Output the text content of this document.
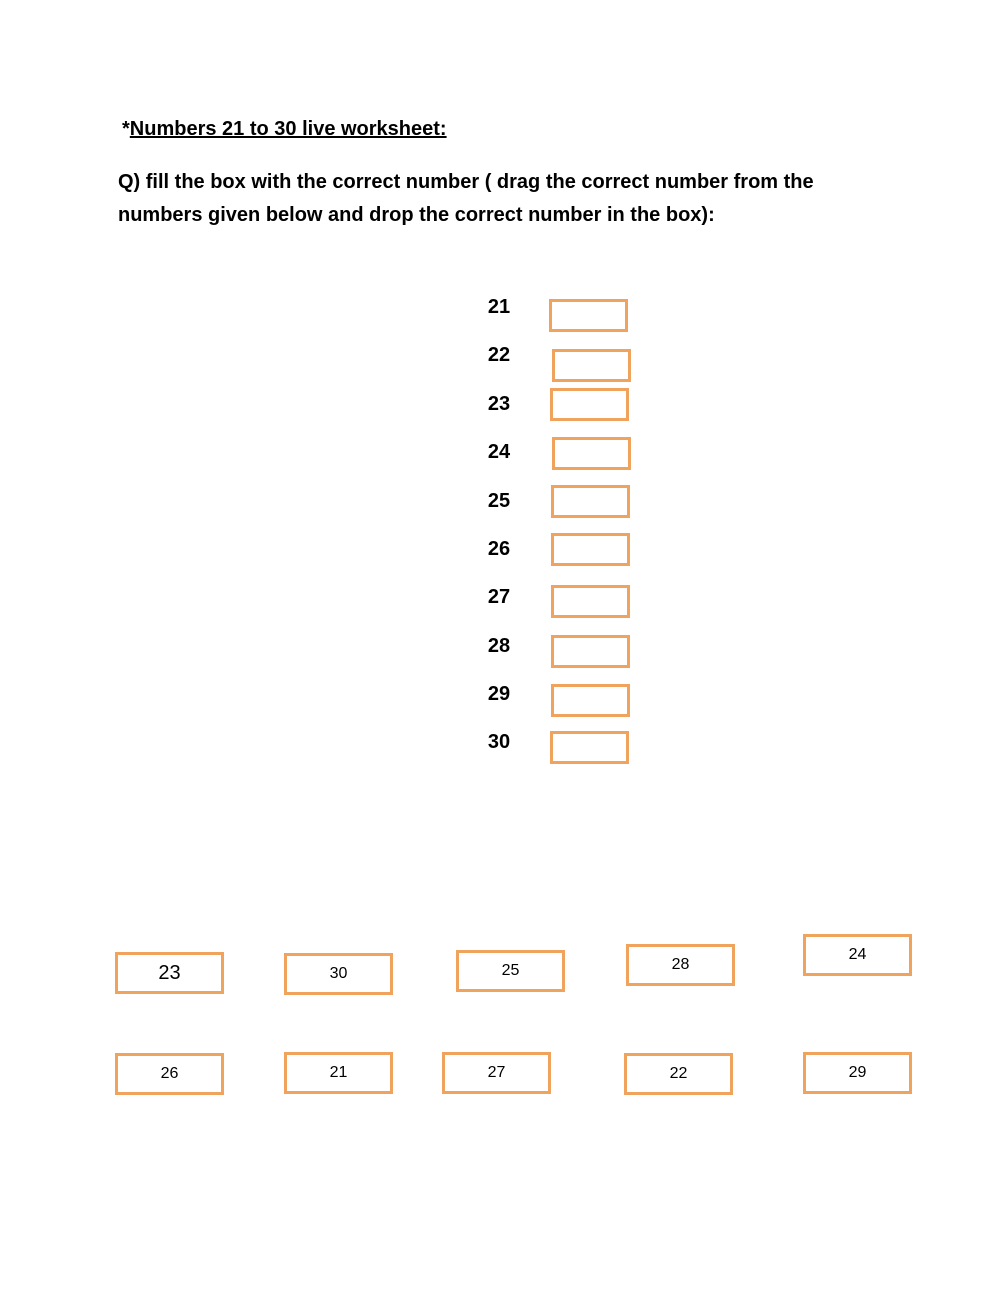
*Numbers 21 to 30 live worksheet:
Q) fill the box with the correct number ( drag the correct number from the numbers given below and drop the correct number in the box):
21
22
23
24
25
26
27
28
29
30
23	30	25	28
24
26	21	27	22	29
